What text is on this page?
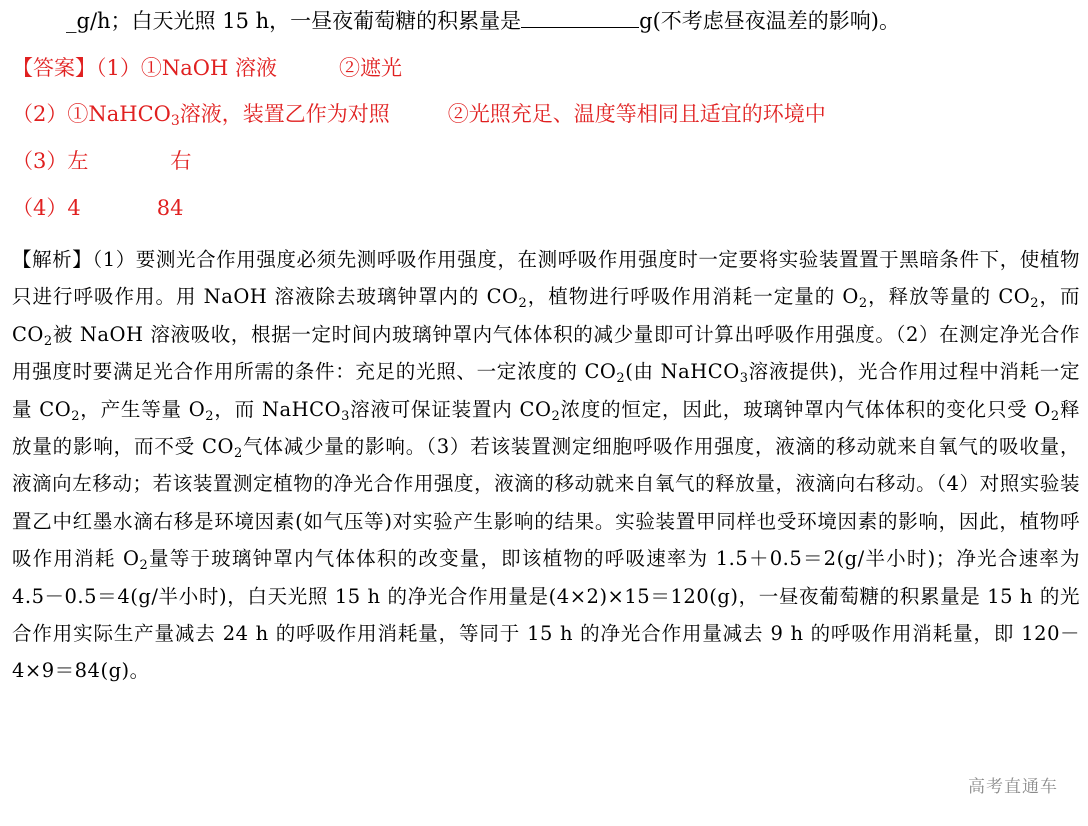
_g/h；白天光照 15 h，一昼夜葡萄糖的积累量是	g(不考虑昼夜温差的影响)。
【答案】（1）①NaOH 溶液	②遮光
（2）①NaHCO$_3$溶液，装置乙作为对照	②光照充足、温度等相同且适宜的环境中
（3）左	右
（4）4	84
【解析】（1）要测光合作用强度必须先测呼吸作用强度，在测呼吸作用强度时一定要将实验装置置于黑暗条件下，使植物只进行呼吸作用。用 NaOH 溶液除去玻璃钟罩内的 $CO_2$，植物进行呼吸作用消耗一定量的 $O_2$，释放等量的 $CO_2$，而 $CO_2$被 NaOH 溶液吸收，根据一定时间内玻璃钟罩内气体体积的减少量即可计算出呼吸作用强度。（2）在测定净光合作用强度时要满足光合作用所需的条件：充足的光照、一定浓度的 $CO_2$(由 NaHCO$_3$溶液提供)，光合作用过程中消耗一定量 $CO_2$，产生等量 $O_2$，而 NaHCO$_3$溶液可保证装置内 $CO_2$浓度的恒定，因此，玻璃钟罩内气体体积的变化只受 $O_2$释放量的影响，而不受 $CO_2$气体减少量的影响。（3）若该装置测定细胞呼吸作用强度，液滴的移动就来自氧气的吸收量，液滴向左移动；若该装置测定植物的净光合作用强度，液滴的移动就来自氧气的释放量，液滴向右移动。（4）对照实验装置乙中红墨水滴右移是环境因素(如气压等)对实验产生影响的结果。实验装置甲同样也受环境因素的影响，因此，植物呼吸作用消耗 $O_2$量等于玻璃钟罩内气体体积的改变量，即该植物的呼吸速率为 1.5＋0.5＝2(g/半小时)；净光合速率为 4.5－0.5＝4(g/半小时)，白天光照 15 h 的净光合作用量是(4×2)×15＝120(g)，一昼夜葡萄糖的积累量是 15 h 的光合作用实际生产量减去 24 h 的呼吸作用消耗量，等同于 15 h 的净光合作用量减去 9 h 的呼吸作用消耗量，即 120－4×9＝84(g)。
高考直通车
